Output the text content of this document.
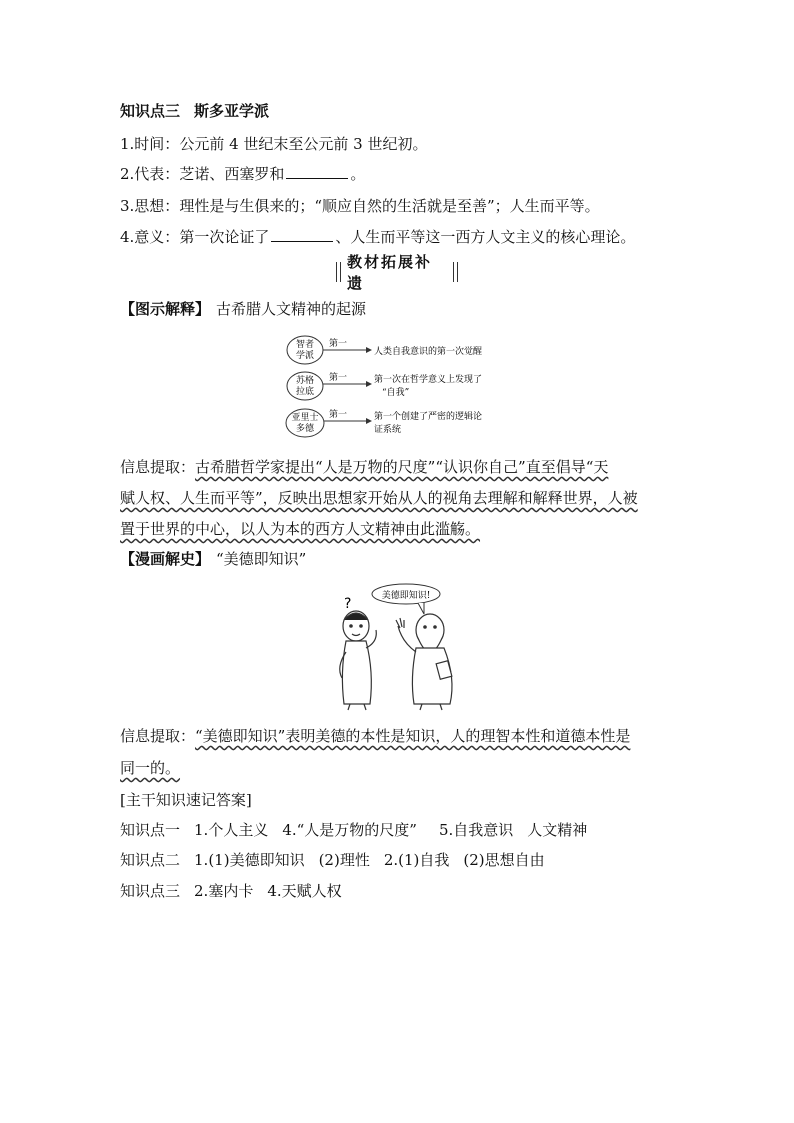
知识点三 斯多亚学派
1.时间：公元前 4 世纪末至公元前 3 世纪初。
2.代表：芝诺、西塞罗和	。
3.思想：理性是与生俱来的；“顺应自然的生活就是至善”；人生而平等。
4.意义：第一次论证了	、人生而平等这一西方人文主义的核心理论。
教材拓展补遗
【图示解释】 古希腊人文精神的起源
智者
学派
第一
人类自我意识的第一次觉醒
苏格
拉底
第一	第一次在哲学意义上发现了
“自我”
亚里士
多德
第一	第一个创建了严密的逻辑论
证系统
信息提取：古希腊哲学家提出“人是万物的尺度”“认识你自己”直至倡导“天
赋人权、人生而平等”，反映出思想家开始从人的视角去理解和解释世界，人被
置于世界的中心，以人为本的西方人文精神由此滥觞。
【漫画解史】 “美德即知识”
美德即知识!
?
信息提取：“美德即知识”表明美德的本性是知识，人的理智本性和道德本性是
同一的。
[主干知识速记答案]
知识点一 1.个人主义 4.“人是万物的尺度” 5.自我意识 人文精神
知识点二 1.(1)美德即知识 (2)理性 2.(1)自我 (2)思想自由
知识点三 2.塞内卡 4.天赋人权
